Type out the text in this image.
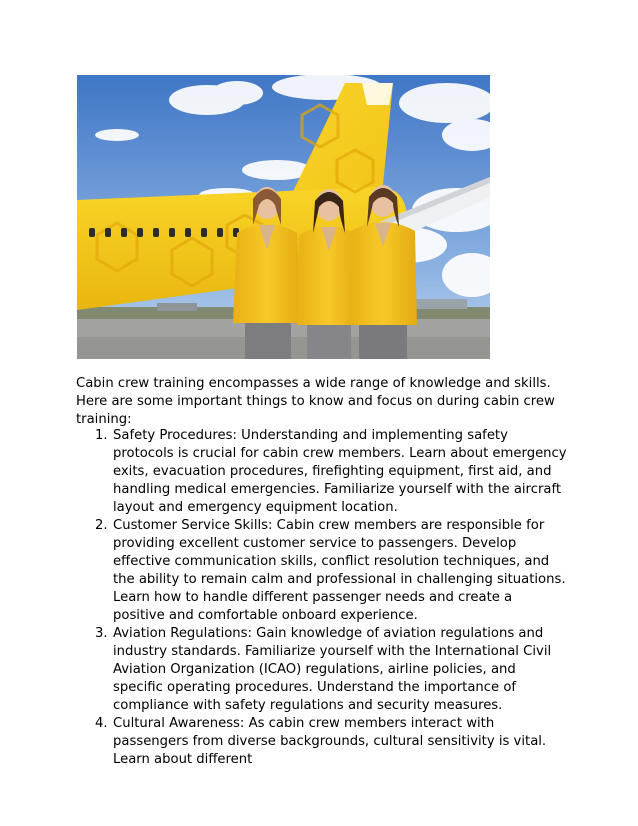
Cabin crew training encompasses a wide range of knowledge and skills. Here are some important things to know and focus on during cabin crew training:

1. Safety Procedures: Understanding and implementing safety protocols is crucial for cabin crew members. Learn about emergency exits, evacuation procedures, firefighting equipment, first aid, and handling medical emergencies. Familiarize yourself with the aircraft layout and emergency equipment location.
2. Customer Service Skills: Cabin crew members are responsible for providing excellent customer service to passengers. Develop effective communication skills, conflict resolution techniques, and the ability to remain calm and professional in challenging situations. Learn how to handle different passenger needs and create a positive and comfortable onboard experience.
3. Aviation Regulations: Gain knowledge of aviation regulations and industry standards. Familiarize yourself with the International Civil Aviation Organization (ICAO) regulations, airline policies, and specific operating procedures. Understand the importance of compliance with safety regulations and security measures.
4. Cultural Awareness: As cabin crew members interact with passengers from diverse backgrounds, cultural sensitivity is vital. Learn about different
